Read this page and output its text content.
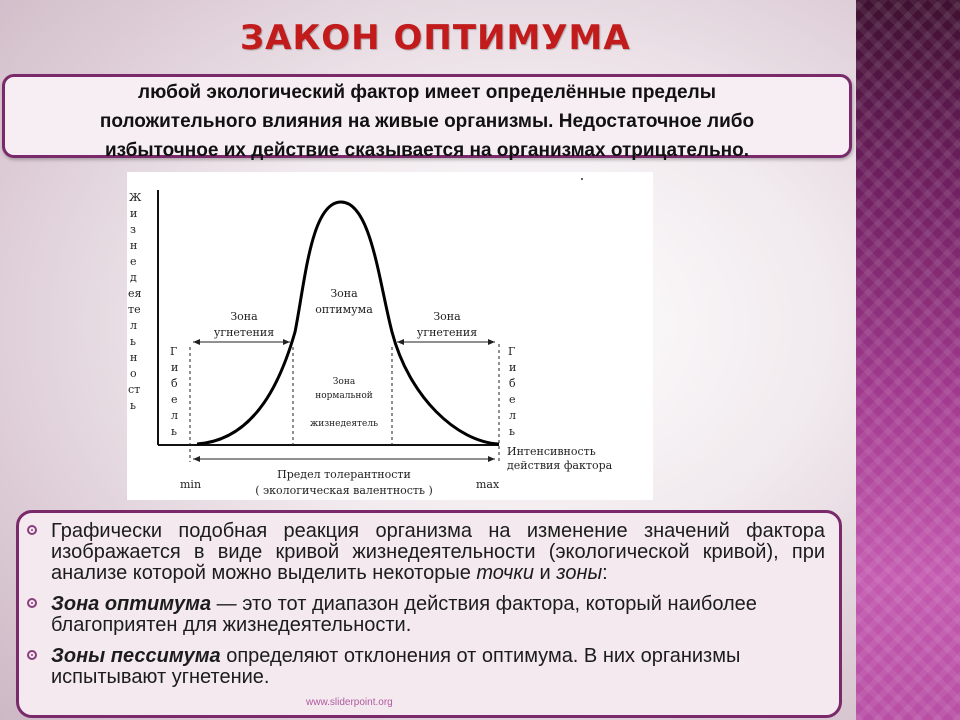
ЗАКОН ОПТИМУМА

любой экологический фактор имеет определённые пределы

положительного влияния на живые организмы. Недостаточное либо

избыточное их действие сказывается на организмах отрицательно.

Ж
и
з
н
е
д
ея
те
л
ь
н
о
ст
ь
Г
и
б
е
л
ь
Г
и
б
е
л
ь
Зона
угнетения
Зона
оптимума
Зона
угнетения
Зона
нормальной
жизнедеятель
Интенсивность
действия фактора
Предел толерантности
( экологическая валентность )
min	max
Графически подобная реакция организма на изменение значений фактора изображается в виде кривой жизнедеятельности (экологической кривой), при анализе которой можно выделить некоторые точки и зоны:
Зона оптимума — это тот диапазон действия фактора, который наиболее благоприятен для жизнедеятельности.
Зоны пессимума определяют отклонения от оптимума. В них организмы испытывают угнетение.
www.sliderpoint.org
